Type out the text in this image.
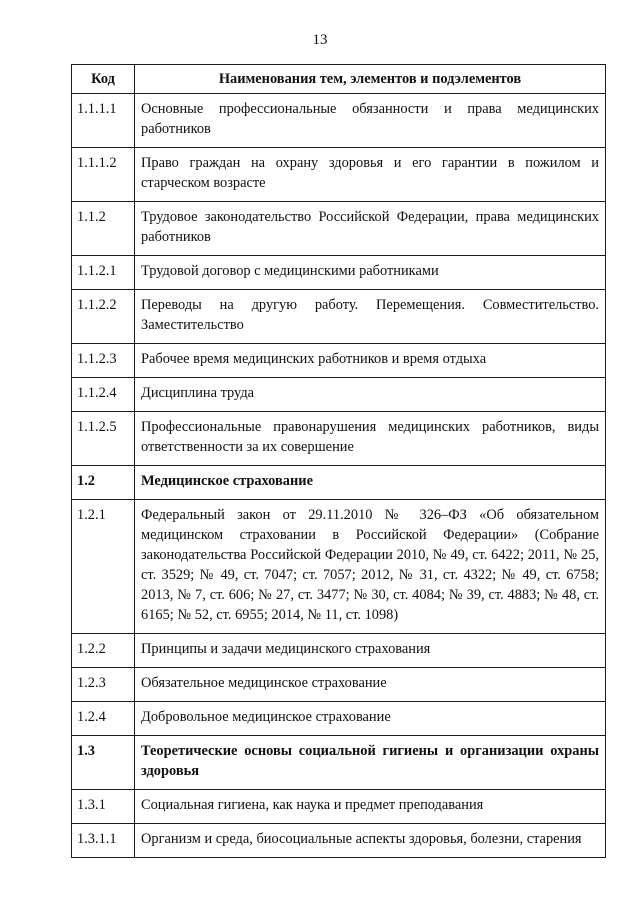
13
Код	Наименования тем, элементов и подэлементов
1.1.1.1	Основные профессиональные обязанности и права медицинских работников
1.1.1.2	Право граждан на охрану здоровья и его гарантии в пожилом и старческом возрасте
1.1.2	Трудовое законодательство Российской Федерации, права медицинских работников
1.1.2.1	Трудовой договор с медицинскими работниками
1.1.2.2	Переводы на другую работу. Перемещения. Совместительство. Заместительство
1.1.2.3	Рабочее время медицинских работников и время отдыха
1.1.2.4	Дисциплина труда
1.1.2.5	Профессиональные правонарушения медицинских работников, виды ответственности за их совершение
1.2	Медицинское страхование
1.2.1	Федеральный закон от 29.11.2010 № 326–ФЗ «Об обязательном медицинском страховании в Российской Федерации» (Собрание законодательства Российской Федерации 2010, № 49, ст. 6422; 2011, № 25, ст. 3529; № 49, ст. 7047; ст. 7057; 2012, № 31, ст. 4322; № 49, ст. 6758; 2013, № 7, ст. 606; № 27, ст. 3477; № 30, ст. 4084; № 39, ст. 4883; № 48, ст. 6165; № 52, ст. 6955; 2014, № 11, ст. 1098)
1.2.2	Принципы и задачи медицинского страхования
1.2.3	Обязательное медицинское страхование
1.2.4	Добровольное медицинское страхование
1.3	Теоретические основы социальной гигиены и организации охраны здоровья
1.3.1	Социальная гигиена, как наука и предмет преподавания
1.3.1.1	Организм и среда, биосоциальные аспекты здоровья, болезни, старения
